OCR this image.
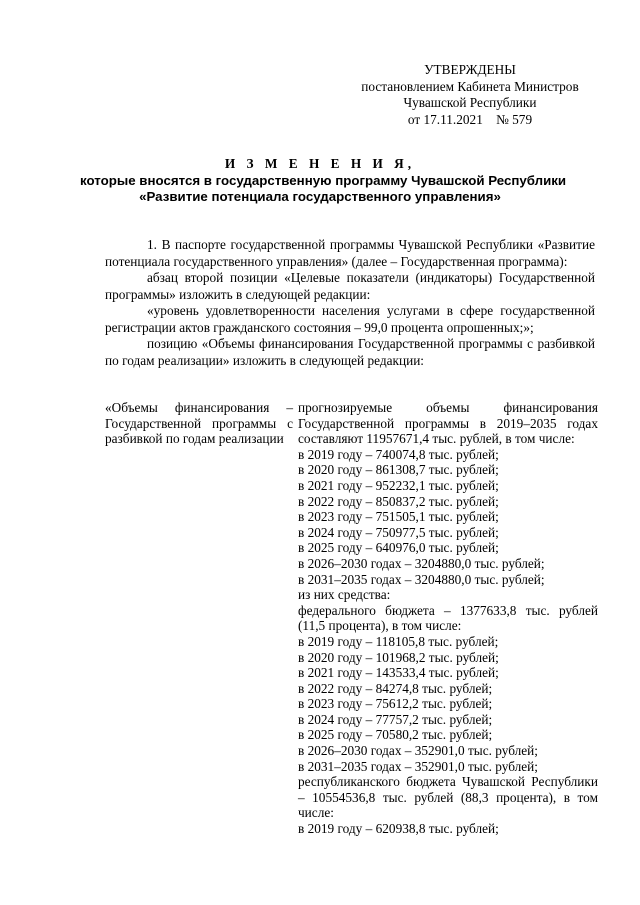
УТВЕРЖДЕНЫ
постановлением Кабинета Министров
Чувашской Республики
от 17.11.2021    № 579
И З М Е Н Е Н И Я,
которые вносятся в государственную программу Чувашской Республики
«Развитие потенциала государственного управления»

1. В паспорте государственной программы Чувашской Республики «Развитие потенциала государственного управления» (далее – Государственная программа):

абзац второй позиции «Целевые показатели (индикаторы) Государственной программы» изложить в следующей редакции:

«уровень удовлетворенности населения услугами в сфере государственной регистрации актов гражданского состояния – 99,0 процента опрошенных;»;

позицию «Объемы финансирования Государственной программы с разбивкой по годам реализации» изложить в следующей редакции:

«Объемы финансирования – Государственной программы с разбивкой по годам реализации
прогнозируемые объемы финансирования Государственной программы в 2019–2035 годах составляют 11957671,4 тыс. рублей, в том числе:
в 2019 году – 740074,8 тыс. рублей;
в 2020 году – 861308,7 тыс. рублей;
в 2021 году – 952232,1 тыс. рублей;
в 2022 году – 850837,2 тыс. рублей;
в 2023 году – 751505,1 тыс. рублей;
в 2024 году – 750977,5 тыс. рублей;
в 2025 году – 640976,0 тыс. рублей;
в 2026–2030 годах – 3204880,0 тыс. рублей;
в 2031–2035 годах – 3204880,0 тыс. рублей;
из них средства:
федерального бюджета – 1377633,8 тыс. рублей (11,5 процента), в том числе:
в 2019 году – 118105,8 тыс. рублей;
в 2020 году – 101968,2 тыс. рублей;
в 2021 году – 143533,4 тыс. рублей;
в 2022 году – 84274,8 тыс. рублей;
в 2023 году – 75612,2 тыс. рублей;
в 2024 году – 77757,2 тыс. рублей;
в 2025 году – 70580,2 тыс. рублей;
в 2026–2030 годах – 352901,0 тыс. рублей;
в 2031–2035 годах – 352901,0 тыс. рублей;
республиканского бюджета Чувашской Республики – 10554536,8 тыс. рублей (88,3 процента), в том числе:
в 2019 году – 620938,8 тыс. рублей;
